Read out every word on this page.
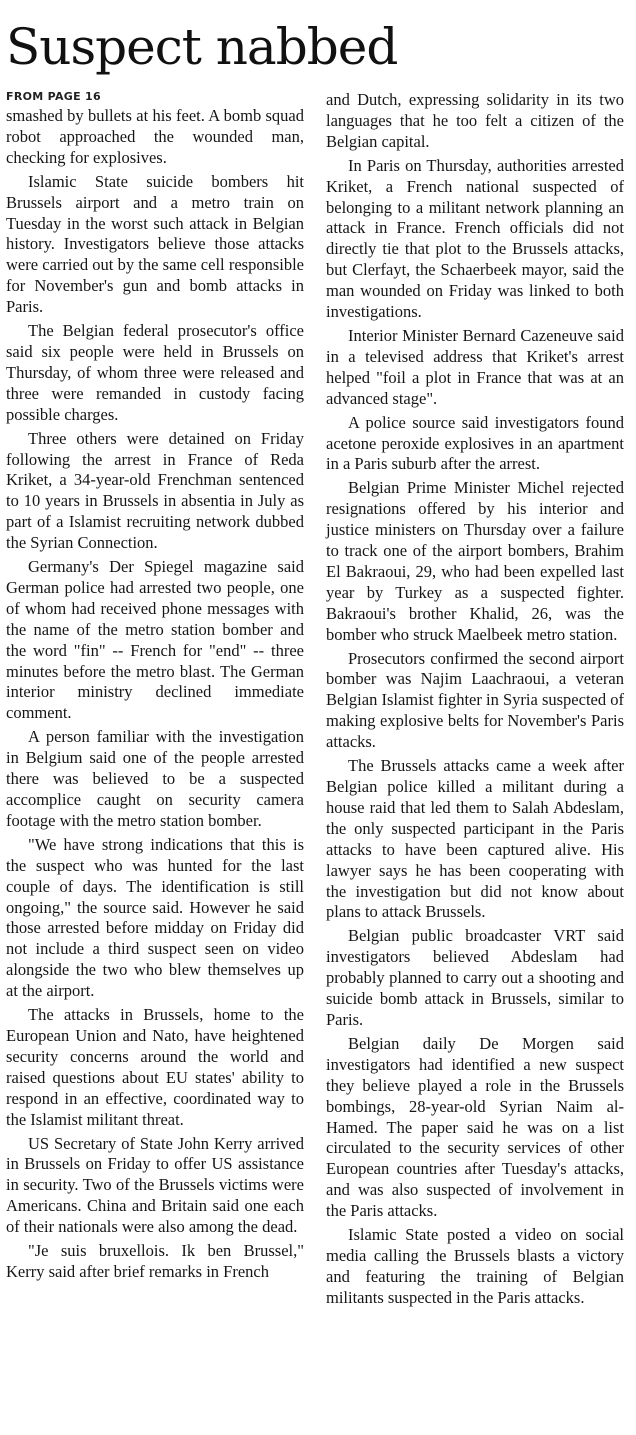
Suspect nabbed
FROM PAGE 16

smashed by bullets at his feet. A bomb squad robot approached the wounded man, checking for explosives.

Islamic State suicide bombers hit Brussels airport and a metro train on Tuesday in the worst such attack in Belgian history. Investigators believe those attacks were carried out by the same cell responsible for November's gun and bomb attacks in Paris.

The Belgian federal prosecutor's office said six people were held in Brussels on Thursday, of whom three were released and three were remanded in custody facing possible charges.

Three others were detained on Friday following the arrest in France of Reda Kriket, a 34-year-old Frenchman sentenced to 10 years in Brussels in absentia in July as part of a Islamist recruiting network dubbed the Syrian Connection.

Germany's Der Spiegel magazine said German police had arrested two people, one of whom had received phone messages with the name of the metro station bomber and the word "fin" -- French for "end" -- three minutes before the metro blast. The German interior ministry declined immediate comment.

A person familiar with the investigation in Belgium said one of the people arrested there was believed to be a suspected accomplice caught on security camera footage with the metro station bomber.

"We have strong indications that this is the suspect who was hunted for the last couple of days. The identification is still ongoing," the source said. However he said those arrested before midday on Friday did not include a third suspect seen on video alongside the two who blew themselves up at the airport.

The attacks in Brussels, home to the European Union and Nato, have heightened security concerns around the world and raised questions about EU states' ability to respond in an effective, coordinated way to the Islamist militant threat.

US Secretary of State John Kerry arrived in Brussels on Friday to offer US assistance in security. Two of the Brussels victims were Americans. China and Britain said one each of their nationals were also among the dead.

"Je suis bruxellois. Ik ben Brussel," Kerry said after brief remarks in French

and Dutch, expressing solidarity in its two languages that he too felt a citizen of the Belgian capital.

In Paris on Thursday, authorities arrested Kriket, a French national suspected of belonging to a militant network planning an attack in France. French officials did not directly tie that plot to the Brussels attacks, but Clerfayt, the Schaerbeek mayor, said the man wounded on Friday was linked to both investigations.

Interior Minister Bernard Cazeneuve said in a televised address that Kriket's arrest helped "foil a plot in France that was at an advanced stage".

A police source said investigators found acetone peroxide explosives in an apartment in a Paris suburb after the arrest.

Belgian Prime Minister Michel rejected resignations offered by his interior and justice ministers on Thursday over a failure to track one of the airport bombers, Brahim El Bakraoui, 29, who had been expelled last year by Turkey as a suspected fighter. Bakraoui's brother Khalid, 26, was the bomber who struck Maelbeek metro station.

Prosecutors confirmed the second airport bomber was Najim Laachraoui, a veteran Belgian Islamist fighter in Syria suspected of making explosive belts for November's Paris attacks.

The Brussels attacks came a week after Belgian police killed a militant during a house raid that led them to Salah Abdeslam, the only suspected participant in the Paris attacks to have been captured alive. His lawyer says he has been cooperating with the investigation but did not know about plans to attack Brussels.

Belgian public broadcaster VRT said investigators believed Abdeslam had probably planned to carry out a shooting and suicide bomb attack in Brussels, similar to Paris.

Belgian daily De Morgen said investigators had identified a new suspect they believe played a role in the Brussels bombings, 28-year-old Syrian Naim al-Hamed. The paper said he was on a list circulated to the security services of other European countries after Tuesday's attacks, and was also suspected of involvement in the Paris attacks.

Islamic State posted a video on social media calling the Brussels blasts a victory and featuring the training of Belgian militants suspected in the Paris attacks.
